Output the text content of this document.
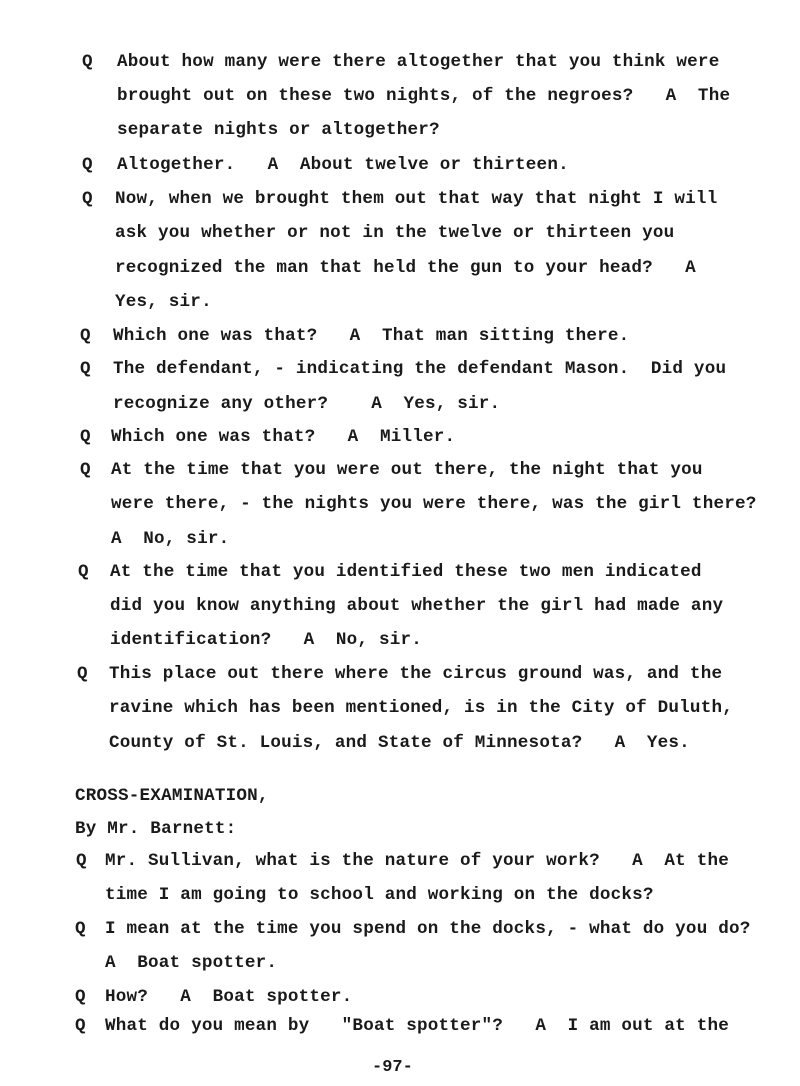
Q About how many were there altogether that you think were
brought out on these two nights, of the negroes?   A  The
separate nights or altogether?
Q Altogether.   A  About twelve or thirteen.
Q Now, when we brought them out that way that night I will
ask you whether or not in the twelve or thirteen you
recognized the man that held the gun to your head?   A
Yes, sir.
Q Which one was that?   A  That man sitting there.
Q The defendant, - indicating the defendant Mason.  Did you
recognize any other?    A  Yes, sir.
Q Which one was that?   A  Miller.
Q At the time that you were out there, the night that you
were there, - the nights you were there, was the girl there?
A  No, sir.
Q At the time that you identified these two men indicated
did you know anything about whether the girl had made any
identification?   A  No, sir.
Q This place out there where the circus ground was, and the
ravine which has been mentioned, is in the City of Duluth,
County of St. Louis, and State of Minnesota?   A  Yes.
CROSS-EXAMINATION,
By Mr. Barnett:
Q Mr. Sullivan, what is the nature of your work?   A  At the
time I am going to school and working on the docks?
Q I mean at the time you spend on the docks, - what do you do?
A  Boat spotter.
Q How?   A  Boat spotter.
Q What do you mean by   "Boat spotter"?   A  I am out at the
-97-
